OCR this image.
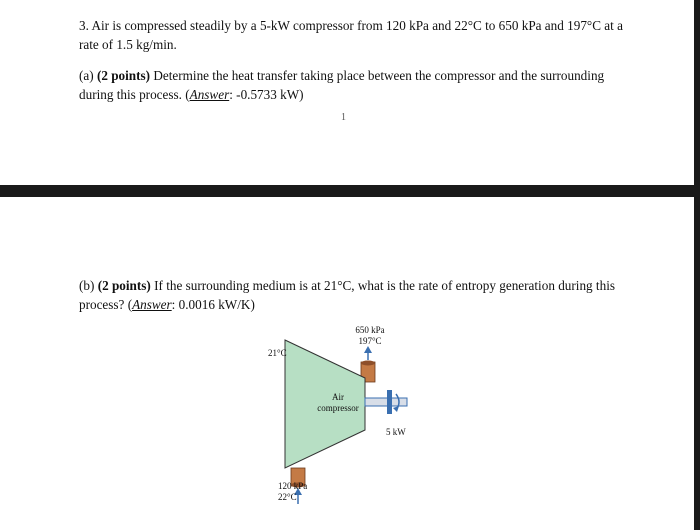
3. Air is compressed steadily by a 5-kW compressor from 120 kPa and 22°C to 650 kPa and 197°C at a rate of 1.5 kg/min.

(a) (2 points) Determine the heat transfer taking place between the compressor and the surrounding during this process. (Answer: -0.5733 kW)

1

(b) (2 points) If the surrounding medium is at 21°C, what is the rate of entropy generation during this process? (Answer: 0.0016 kW/K)

650 kPa
197°C
21°C
Air
compressor
5 kW
120 kPa
22°C
